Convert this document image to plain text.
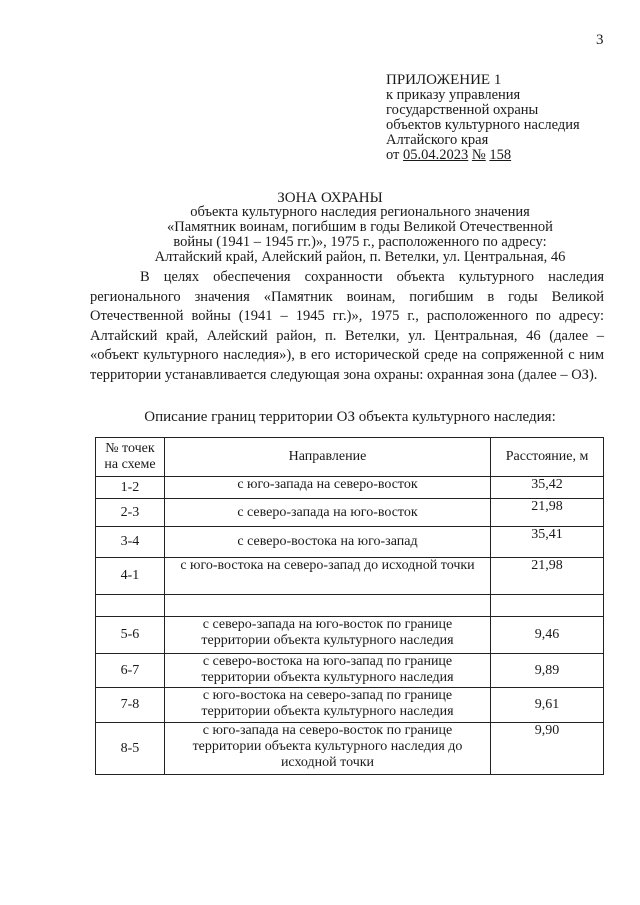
3
ПРИЛОЖЕНИЕ 1
к приказу управления
государственной охраны
объектов культурного наследия
Алтайского края
от 05.04.2023 № 158
ЗОНА ОХРАНЫ
объекта культурного наследия регионального значения
«Памятник воинам, погибшим в годы Великой Отечественной
войны (1941 – 1945 гг.)», 1975 г., расположенного по адресу:
Алтайский край, Алейский район, п. Ветелки, ул. Центральная, 46
В целях обеспечения сохранности объекта культурного наследия регионального значения «Памятник воинам, погибшим в годы Великой Отечественной войны (1941 – 1945 гг.)», 1975 г., расположенного по адресу: Алтайский край, Алейский район, п. Ветелки, ул. Центральная, 46 (далее – «объект культурного наследия»), в его исторической среде на сопряженной с ним территории устанавливается следующая зона охраны: охранная зона (далее – ОЗ).
Описание границ территории ОЗ объекта культурного наследия:
№ точек на схеме	Направление	Расстояние, м
1-2	с юго-запада на северо-восток	35,42
2-3	с северо-запада на юго-восток	21,98
3-4	с северо-востока на юго-запад	35,41
4-1	с юго-востока на северо-запад до исходной точки	21,98

5-6	с северо-запада на юго-восток по границе территории объекта культурного наследия	9,46
6-7	с северо-востока на юго-запад по границе территории объекта культурного наследия	9,89
7-8	с юго-востока на северо-запад по границе территории объекта культурного наследия	9,61
8-5	с юго-запада на северо-восток по границе территории объекта культурного наследия до исходной точки	9,90
